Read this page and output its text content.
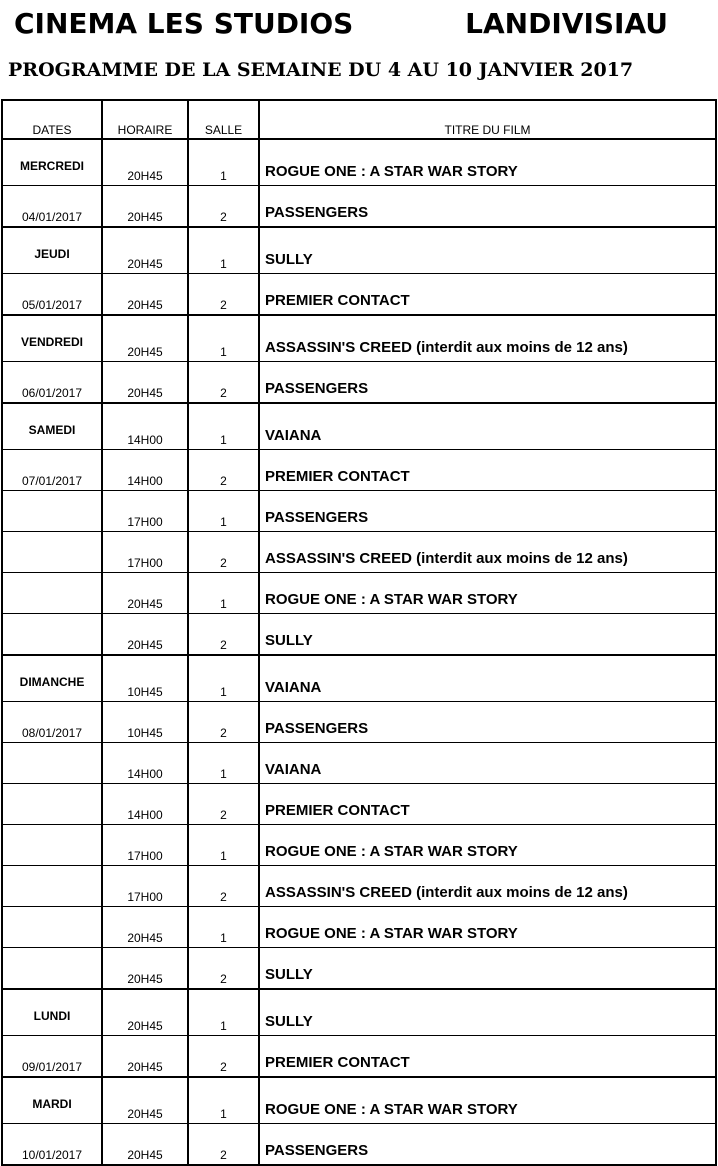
CINEMA LES STUDIOS	LANDIVISIAU
PROGRAMME DE LA SEMAINE DU 4 AU 10 JANVIER 2017
DATES	HORAIRE	SALLE	TITRE DU FILM
MERCREDI	20H45	1	ROGUE ONE : A STAR WAR STORY
04/01/2017	20H45	2	PASSENGERS
JEUDI	20H45	1	SULLY
05/01/2017	20H45	2	PREMIER CONTACT
VENDREDI	20H45	1	ASSASSIN'S CREED (interdit aux moins de 12 ans)
06/01/2017	20H45	2	PASSENGERS
SAMEDI	14H00	1	VAIANA
07/01/2017	14H00	2	PREMIER CONTACT
	17H00	1	PASSENGERS
	17H00	2	ASSASSIN'S CREED (interdit aux moins de 12 ans)
	20H45	1	ROGUE ONE : A STAR WAR STORY
	20H45	2	SULLY
DIMANCHE	10H45	1	VAIANA
08/01/2017	10H45	2	PASSENGERS
	14H00	1	VAIANA
	14H00	2	PREMIER CONTACT
	17H00	1	ROGUE ONE : A STAR WAR STORY
	17H00	2	ASSASSIN'S CREED (interdit aux moins de 12 ans)
	20H45	1	ROGUE ONE : A STAR WAR STORY
	20H45	2	SULLY
LUNDI	20H45	1	SULLY
09/01/2017	20H45	2	PREMIER CONTACT
MARDI	20H45	1	ROGUE ONE : A STAR WAR STORY
10/01/2017	20H45	2	PASSENGERS
